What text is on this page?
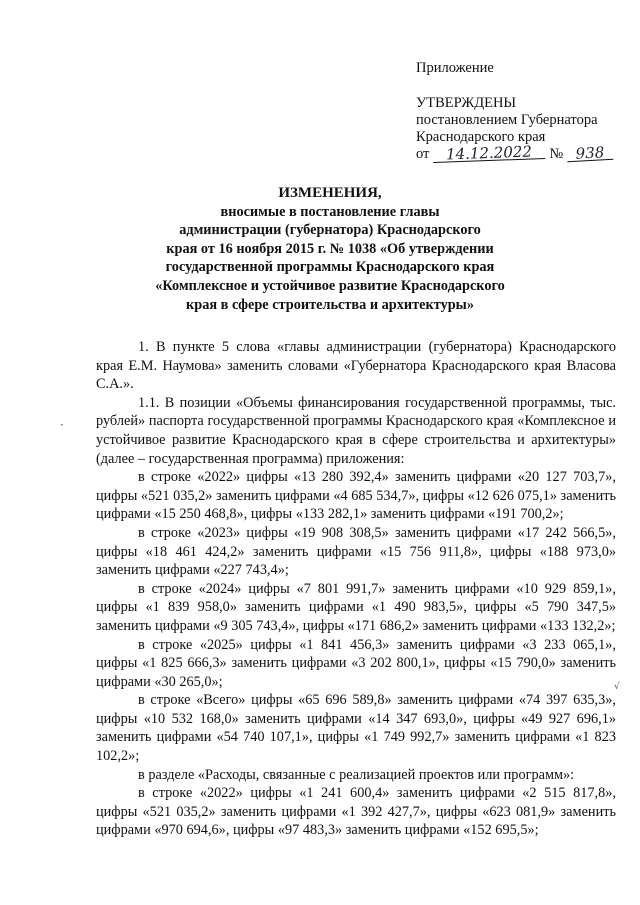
Приложение
УТВЕРЖДЕНЫ
постановлением Губернатора
Краснодарского края
от 14.12.2022 № 938
ИЗМЕНЕНИЯ,
вносимые в постановление главы
администрации (губернатора) Краснодарского
края от 16 ноября 2015 г. № 1038 «Об утверждении
государственной программы Краснодарского края
«Комплексное и устойчивое развитие Краснодарского
края в сфере строительства и архитектуры»

1. В пункте 5 слова «главы администрации (губернатора) Краснодарского края Е.М. Наумова» заменить словами «Губернатора Краснодарского края Власова С.А.».

1.1. В позиции «Объемы финансирования государственной программы, тыс. рублей» паспорта государственной программы Краснодарского края «Комплексное и устойчивое развитие Краснодарского края в сфере строительства и архитектуры» (далее – государственная программа) приложения:

в строке «2022» цифры «13 280 392,4» заменить цифрами «20 127 703,7», цифры «521 035,2» заменить цифрами «4 685 534,7», цифры «12 626 075,1» заменить цифрами «15 250 468,8», цифры «133 282,1» заменить цифрами «191 700,2»;

в строке «2023» цифры «19 908 308,5» заменить цифрами «17 242 566,5», цифры «18 461 424,2» заменить цифрами «15 756 911,8», цифры «188 973,0» заменить цифрами «227 743,4»;

в строке «2024» цифры «7 801 991,7» заменить цифрами «10 929 859,1», цифры «1 839 958,0» заменить цифрами «1 490 983,5», цифры «5 790 347,5» заменить цифрами «9 305 743,4», цифры «171 686,2» заменить цифрами «133 132,2»;

в строке «2025» цифры «1 841 456,3» заменить цифрами «3 233 065,1», цифры «1 825 666,3» заменить цифрами «3 202 800,1», цифры «15 790,0» заменить цифрами «30 265,0»;

в строке «Всего» цифры «65 696 589,8» заменить цифрами «74 397 635,3», цифры «10 532 168,0» заменить цифрами «14 347 693,0», цифры «49 927 696,1» заменить цифрами «54 740 107,1», цифры «1 749 992,7» заменить цифрами «1 823 102,2»;

в разделе «Расходы, связанные с реализацией проектов или программ»:

в строке «2022» цифры «1 241 600,4» заменить цифрами «2 515 817,8», цифры «521 035,2» заменить цифрами «1 392 427,7», цифры «623 081,9» заменить цифрами «970 694,6», цифры «97 483,3» заменить цифрами «152 695,5»;

·
√
